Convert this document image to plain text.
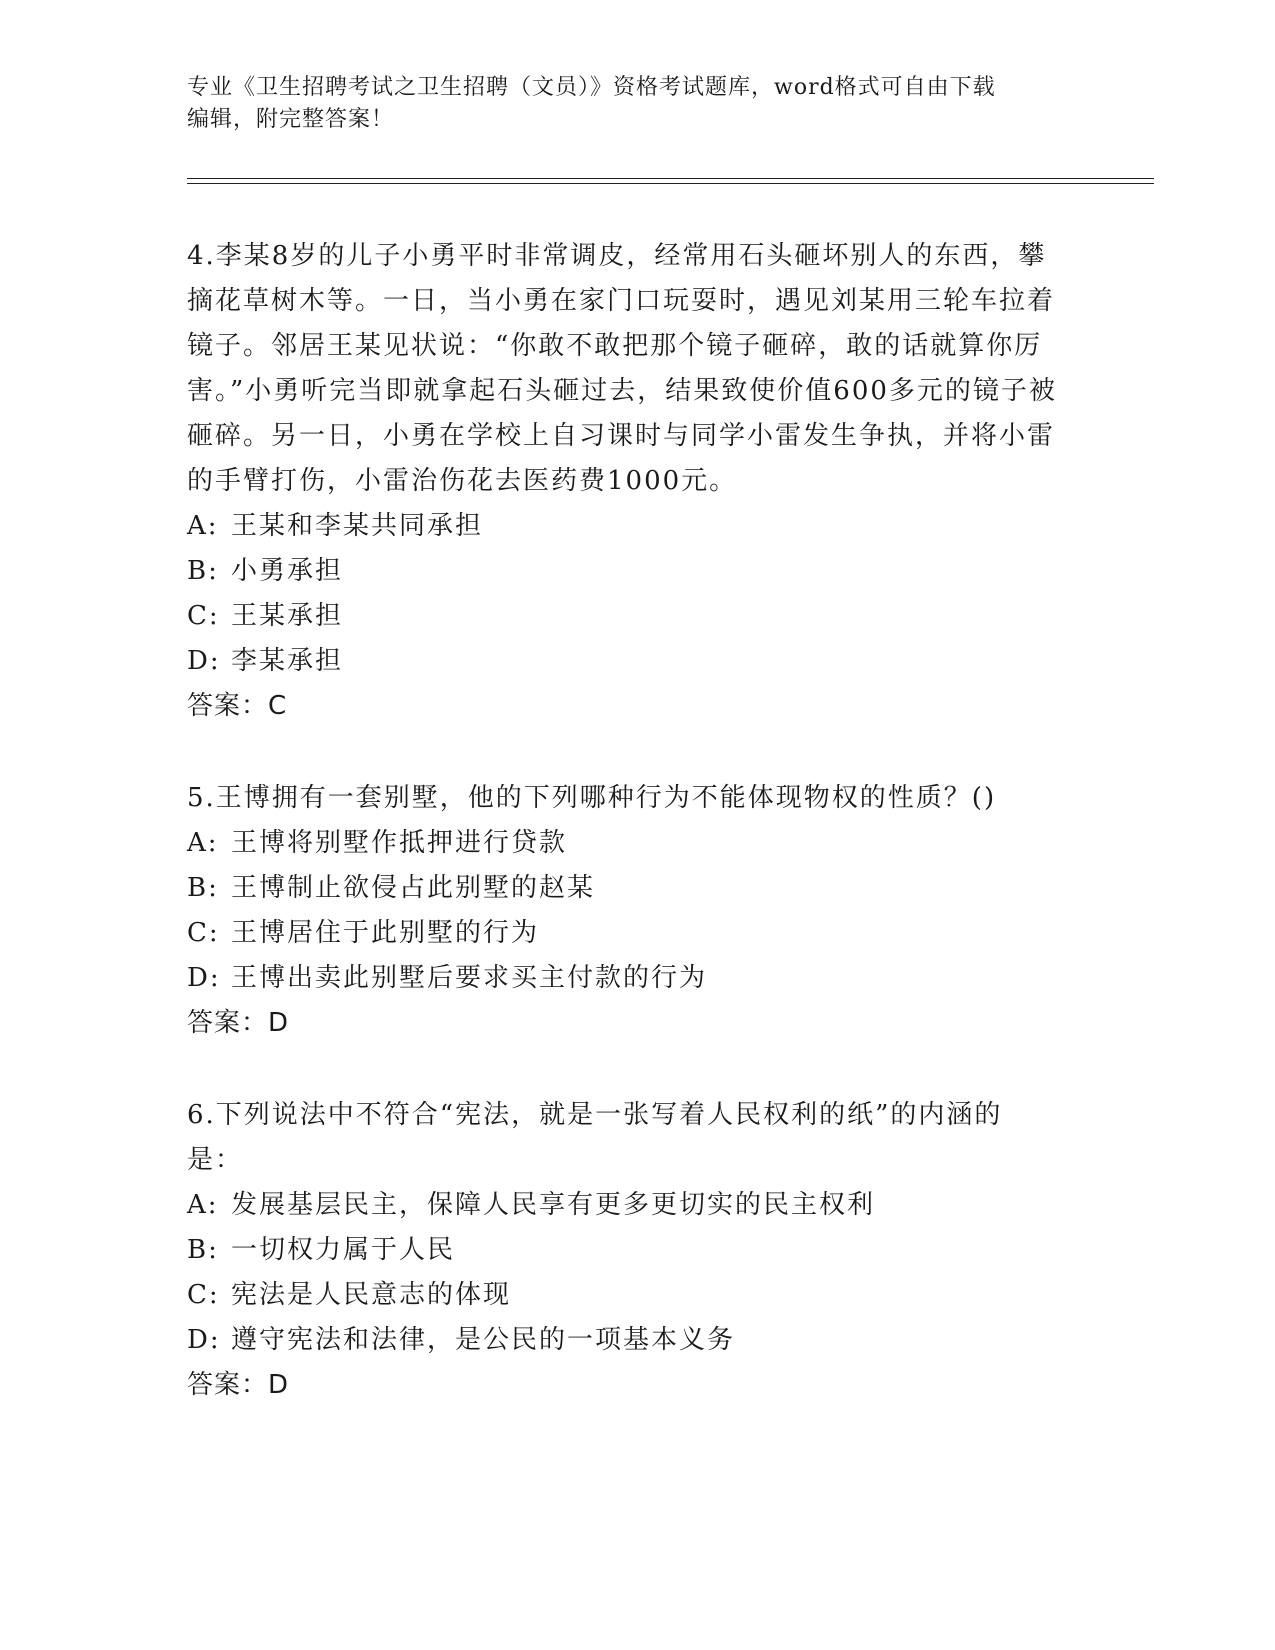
专业《卫生招聘考试之卫生招聘（文员）》资格考试题库，word格式可自由下载
编辑，附完整答案！

4.李某8岁的儿子小勇平时非常调皮，经常用石头砸坏别人的东西，攀摘花草树木等。一日，当小勇在家门口玩耍时，遇见刘某用三轮车拉着镜子。邻居王某见状说：“你敢不敢把那个镜子砸碎，敢的话就算你厉害。”小勇听完当即就拿起石头砸过去，结果致使价值600多元的镜子被砸碎。另一日，小勇在学校上自习课时与同学小雷发生争执，并将小雷的手臂打伤，小雷治伤花去医药费1000元。

A: 王某和李某共同承担

B: 小勇承担

C: 王某承担

D: 李某承担

答案：C

5.王博拥有一套别墅，他的下列哪种行为不能体现物权的性质？()

A: 王博将别墅作抵押进行贷款

B: 王博制止欲侵占此别墅的赵某

C: 王博居住于此别墅的行为

D: 王博出卖此别墅后要求买主付款的行为

答案：D

6.下列说法中不符合“宪法，就是一张写着人民权利的纸”的内涵的是：

A: 发展基层民主，保障人民享有更多更切实的民主权利

B: 一切权力属于人民

C: 宪法是人民意志的体现

D: 遵守宪法和法律，是公民的一项基本义务

答案：D
